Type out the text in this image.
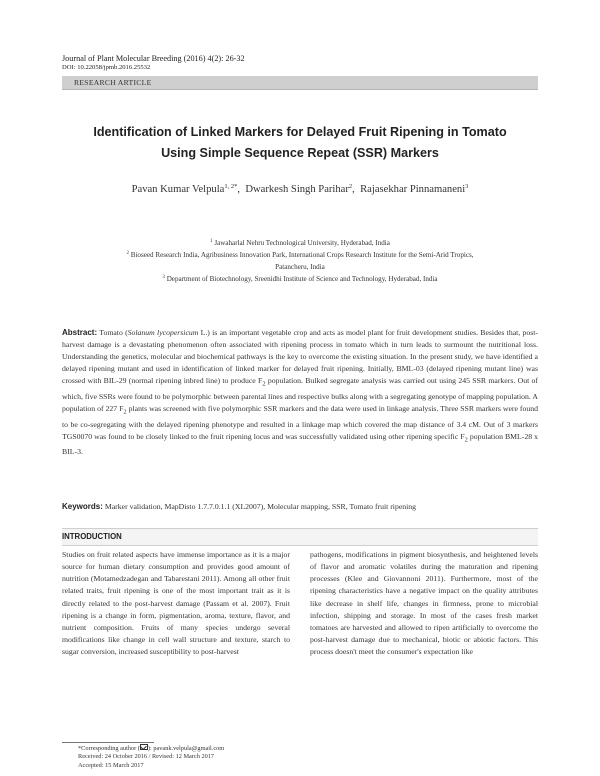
Journal of Plant Molecular Breeding (2016) 4(2): 26-32
DOI: 10.22058/jpmb.2016.25532
RESEARCH ARTICLE
Identification of Linked Markers for Delayed Fruit Ripening in Tomato
Using Simple Sequence Repeat (SSR) Markers
Pavan Kumar Velpula$^{1, 2*}$,  Dwarkesh Singh Parihar$^2$,  Rajasekhar Pinnamaneni$^3$
$^1$ Jawaharlal Nehru Technological University, Hyderabad, India
$^2$ Bioseed Research India, Agribusiness Innovation Park, International Crops Research Institute for the Semi-Arid Tropics,
Patancheru, India
$^3$ Department of Biotechnology, Sreenidhi Institute of Science and Technology, Hyderabad, India
Abstract: Tomato (Solanum lycopersicum L.) is an important vegetable crop and acts as model plant for fruit development studies. Besides that, post-harvest damage is a devastating phenomenon often associated with ripening process in tomato which in turn leads to surmount the nutritional loss. Understanding the genetics, molecular and biochemical pathways is the key to overcome the existing situation. In the present study, we have identified a delayed ripening mutant and used in identification of linked marker for delayed fruit ripening. Initially, BML-03 (delayed ripening mutant line) was crossed with BIL-29 (normal ripening inbred line) to produce $F_2$ population. Bulked segregate analysis was carried out using 245 SSR markers. Out of which, five SSRs were found to be polymorphic between parental lines and respective bulks along with a segregating genotype of mapping population. A population of 227 $F_2$ plants was screened with five polymorphic SSR markers and the data were used in linkage analysis. Three SSR markers were found to be co-segregating with the delayed ripening phenotype and resulted in a linkage map which covered the map distance of 3.4 cM. Out of 3 markers TGS0070 was found to be closely linked to the fruit ripening locus and was successfully validated using other ripening specific $F_2$ population BML-28 x BIL-3.
Keywords: Marker validation, MapDisto 1.7.7.0.1.1 (XL2007), Molecular mapping, SSR, Tomato fruit ripening
INTRODUCTION
Studies on fruit related aspects have immense importance as it is a major source for human dietary consumption and provides good amount of nutrition (Motamedzadegan and Tabarestani 2011). Among all other fruit related traits, fruit ripening is one of the most important trait as it is directly related to the post-harvest damage (Passam et al. 2007). Fruit ripening is a change in form, pigmentation, aroma, texture, flavor, and nutrient composition. Fruits of many species undergo several modifications like change in cell wall structure and texture, starch to sugar conversion, increased susceptibility to post-harvest
pathogens, modifications in pigment biosynthesis, and heightened levels of flavor and aromatic volatiles during the maturation and ripening processes (Klee and Giovannoni 2011). Furthermore, most of the ripening characteristics have a negative impact on the quality attributes like decrease in shelf life, changes in firmness, prone to microbial infection, shipping and storage. In most of the cases fresh market tomatoes are harvested and allowed to ripen artificially to overcome the post-harvest damage due to mechanical, biotic or abiotic factors. This process doesn't meet the consumer's expectation like
*Corresponding author ( ): pavank.velpula@gmail.com
Received: 24 October 2016 / Revised: 12 March 2017
Accepted: 15 March 2017
